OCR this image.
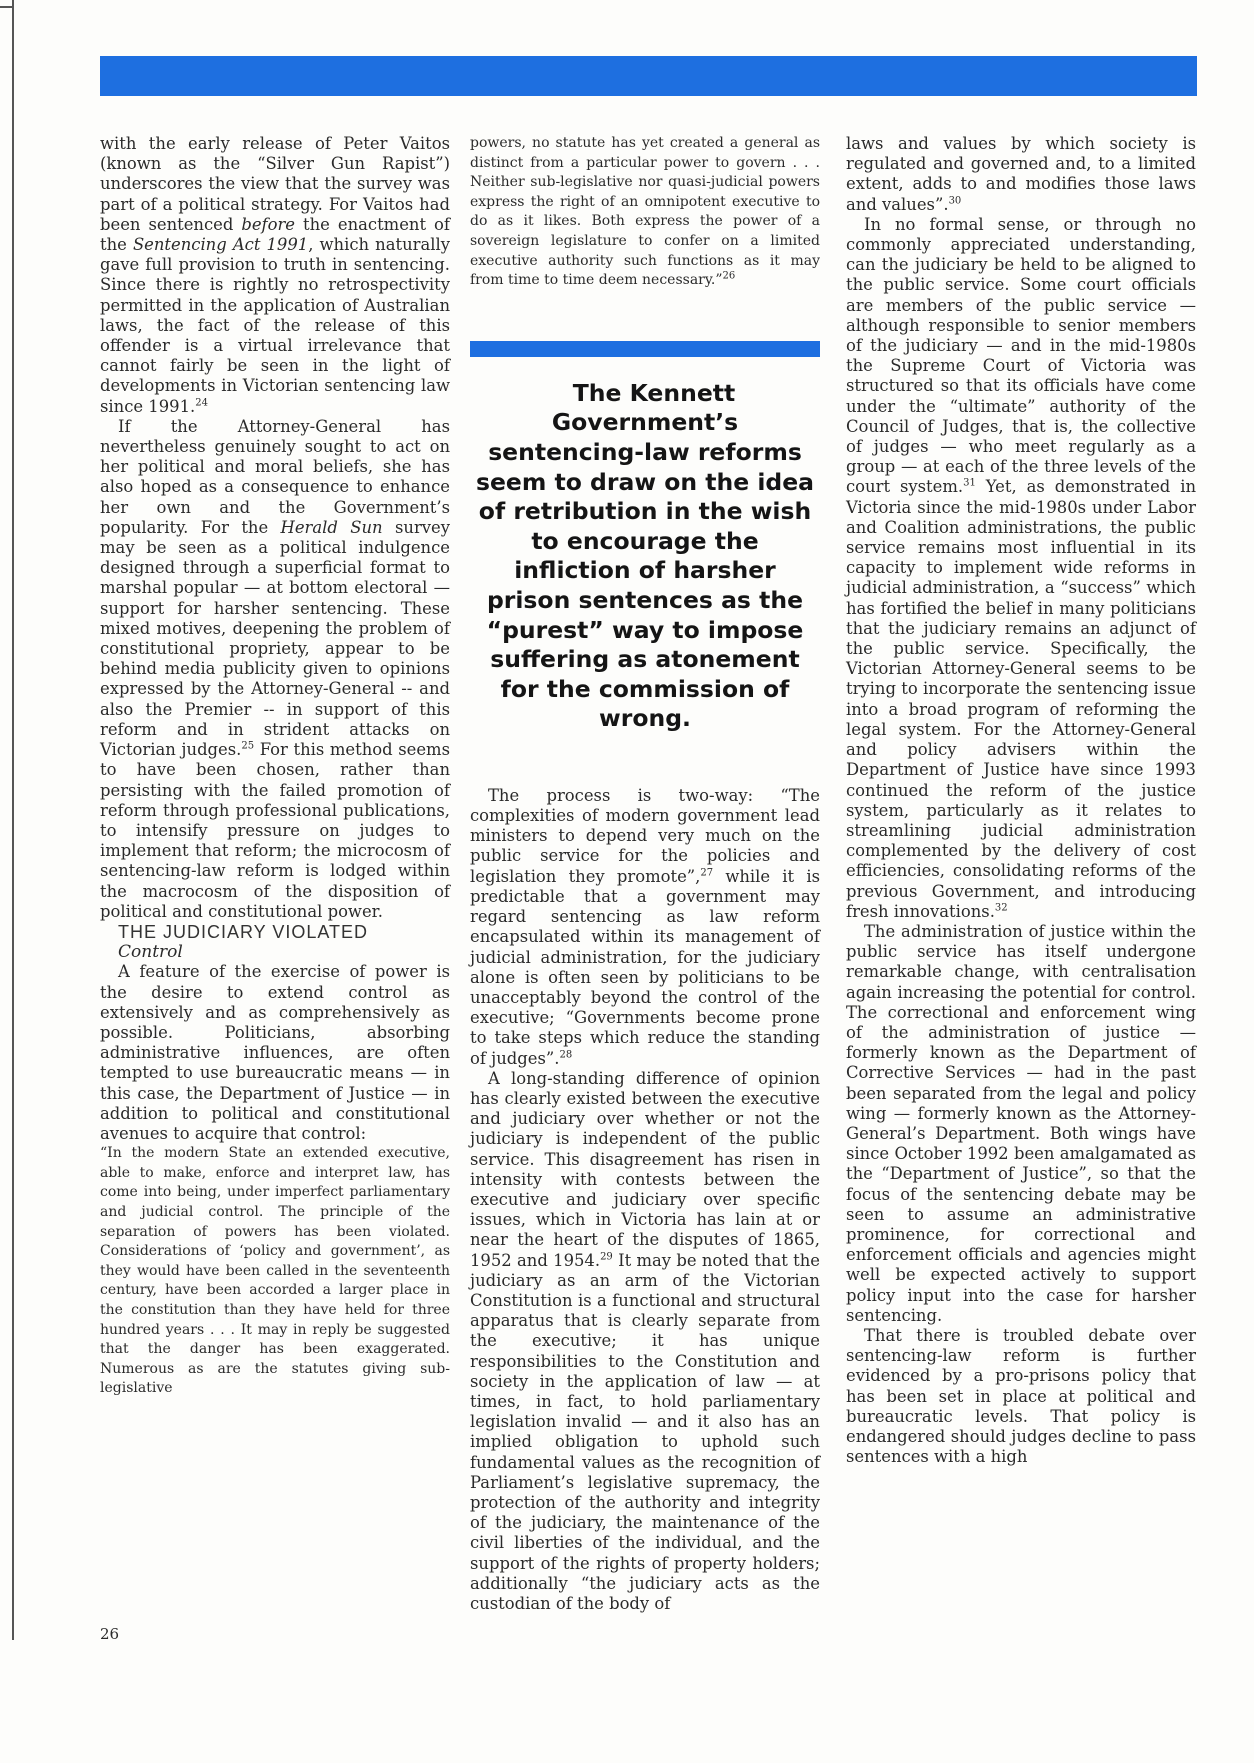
with the early release of Peter Vaitos (known as the “Silver Gun Rapist”) underscores the view that the survey was part of a political strategy. For Vaitos had been sentenced before the enactment of the Sentencing Act 1991, which naturally gave full provision to truth in sentencing. Since there is rightly no retrospectivity permitted in the application of Australian laws, the fact of the release of this offender is a virtual irrelevance that cannot fairly be seen in the light of developments in Victorian sentencing law since 1991.24

If the Attorney-General has nevertheless genuinely sought to act on her political and moral beliefs, she has also hoped as a consequence to enhance her own and the Government’s popularity. For the Herald Sun survey may be seen as a political indulgence designed through a superficial format to marshal popular — at bottom electoral — support for harsher sentencing. These mixed motives, deepening the problem of constitutional propriety, appear to be behind media publicity given to opinions expressed by the Attorney-General -- and also the Premier -- in support of this reform and in strident attacks on Victorian judges.$^{25}$ For this method seems to have been chosen, rather than persisting with the failed promotion of reform through professional publications, to intensify pressure on judges to implement that reform; the microcosm of sentencing-law reform is lodged within the macrocosm of the disposition of political and constitutional power.

THE JUDICIARY VIOLATED

Control

A feature of the exercise of power is the desire to extend control as extensively and as comprehensively as possible. Politicians, absorbing administrative influences, are often tempted to use bureaucratic means — in this case, the Department of Justice — in addition to political and constitutional avenues to acquire that control:

“In the modern State an extended executive, able to make, enforce and interpret law, has come into being, under imperfect parliamentary and judicial control. The principle of the separation of powers has been violated. Considerations of ‘policy and government’, as they would have been called in the seventeenth century, have been accorded a larger place in the constitution than they have held for three hundred years . . . It may in reply be suggested that the danger has been exaggerated. Numerous as are the statutes giving sub-legislative

powers, no statute has yet created a general as distinct from a particular power to govern . . . Neither sub-legislative nor quasi-judicial powers express the right of an omnipotent executive to do as it likes. Both express the power of a sovereign legislature to confer on a limited executive authority such functions as it may from time to time deem necessary.”$^{26}$

The Kennett Government’s sentencing-law reforms seem to draw on the idea of retribution in the wish to encourage the infliction of harsher prison sentences as the “purest” way to impose suffering as atonement for the commission of wrong.

The process is two-way: “The complexities of modern government lead ministers to depend very much on the public service for the policies and legislation they promote”,$^{27}$ while it is predictable that a government may regard sentencing as law reform encapsulated within its management of judicial administration, for the judiciary alone is often seen by politicians to be unacceptably beyond the control of the executive; “Governments become prone to take steps which reduce the standing of judges”.$^{28}$

A long-standing difference of opinion has clearly existed between the executive and judiciary over whether or not the judiciary is independent of the public service. This disagreement has risen in intensity with contests between the executive and judiciary over specific issues, which in Victoria has lain at or near the heart of the disputes of 1865, 1952 and 1954.29 It may be noted that the judiciary as an arm of the Victorian Constitution is a functional and structural apparatus that is clearly separate from the executive; it has unique responsibilities to the Constitution and society in the application of law — at times, in fact, to hold parliamentary legislation invalid — and it also has an implied obligation to uphold such fundamental values as the recognition of Parliament’s legislative supremacy, the protection of the authority and integrity of the judiciary, the maintenance of the civil liberties of the individual, and the support of the rights of property holders; additionally “the judiciary acts as the custodian of the body of

laws and values by which society is regulated and governed and, to a limited extent, adds to and modifies those laws and values”.$^{30}$

In no formal sense, or through no commonly appreciated understanding, can the judiciary be held to be aligned to the public service. Some court officials are members of the public service — although responsible to senior members of the judiciary — and in the mid-1980s the Supreme Court of Victoria was structured so that its officials have come under the “ultimate” authority of the Council of Judges, that is, the collective of judges — who meet regularly as a group — at each of the three levels of the court system.$^{31}$ Yet, as demonstrated in Victoria since the mid-1980s under Labor and Coalition administrations, the public service remains most influential in its capacity to implement wide reforms in judicial administration, a “success” which has fortified the belief in many politicians that the judiciary remains an adjunct of the public service. Specifically, the Victorian Attorney-General seems to be trying to incorporate the sentencing issue into a broad program of reforming the legal system. For the Attorney-General and policy advisers within the Department of Justice have since 1993 continued the reform of the justice system, particularly as it relates to streamlining judicial administration complemented by the delivery of cost efficiencies, consolidating reforms of the previous Government, and introducing fresh innovations.$^{32}$

The administration of justice within the public service has itself undergone remarkable change, with centralisation again increasing the potential for control. The correctional and enforcement wing of the administration of justice — formerly known as the Department of Corrective Services — had in the past been separated from the legal and policy wing — formerly known as the Attorney-General’s Department. Both wings have since October 1992 been amalgamated as the “Department of Justice”, so that the focus of the sentencing debate may be seen to assume an administrative prominence, for correctional and enforcement officials and agencies might well be expected actively to support policy input into the case for harsher sentencing.

That there is troubled debate over sentencing-law reform is further evidenced by a pro-prisons policy that has been set in place at political and bureaucratic levels. That policy is endangered should judges decline to pass sentences with a high

26
